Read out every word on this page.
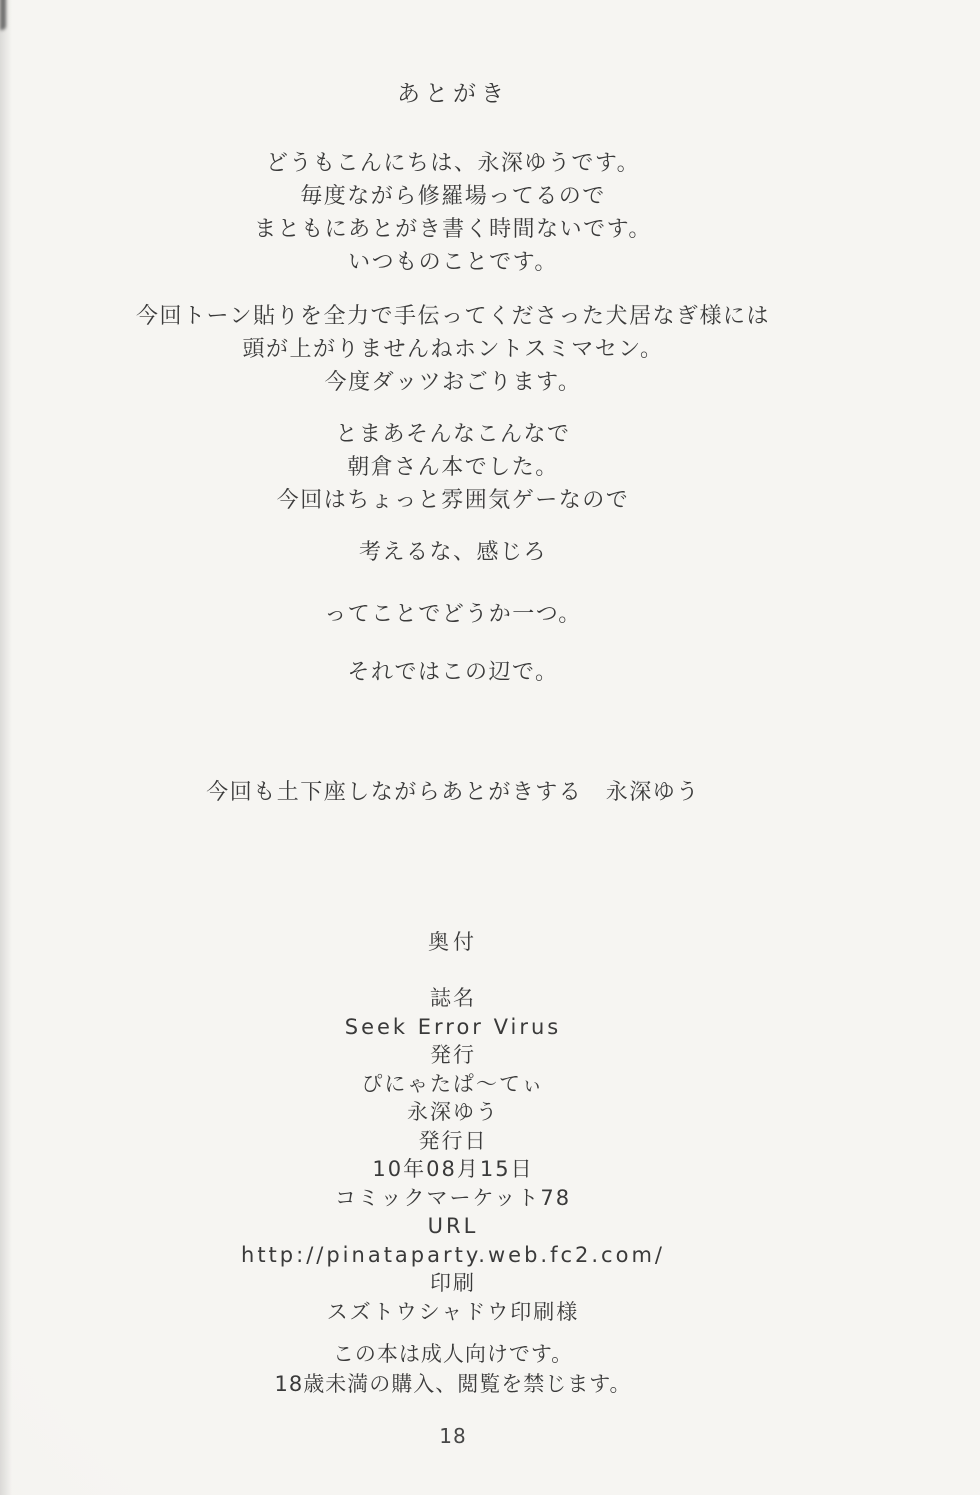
あとがき
どうもこんにちは、永深ゆうです。
毎度ながら修羅場ってるので
まともにあとがき書く時間ないです。
いつものことです。
今回トーン貼りを全力で手伝ってくださった犬居なぎ様には
頭が上がりませんねホントスミマセン。
今度ダッツおごります。
とまあそんなこんなで
朝倉さん本でした。
今回はちょっと雰囲気ゲーなので
考えるな、感じろ
ってことでどうか一つ。
それではこの辺で。
今回も土下座しながらあとがきする　永深ゆう
奥付
誌名
Seek Error Virus
発行
ぴにゃたぱ～てぃ
永深ゆう
発行日
10年08月15日
コミックマーケット78
URL
http://pinataparty.web.fc2.com/
印刷
スズトウシャドウ印刷様
この本は成人向けです。
18歳未満の購入、閲覧を禁じます。
18
